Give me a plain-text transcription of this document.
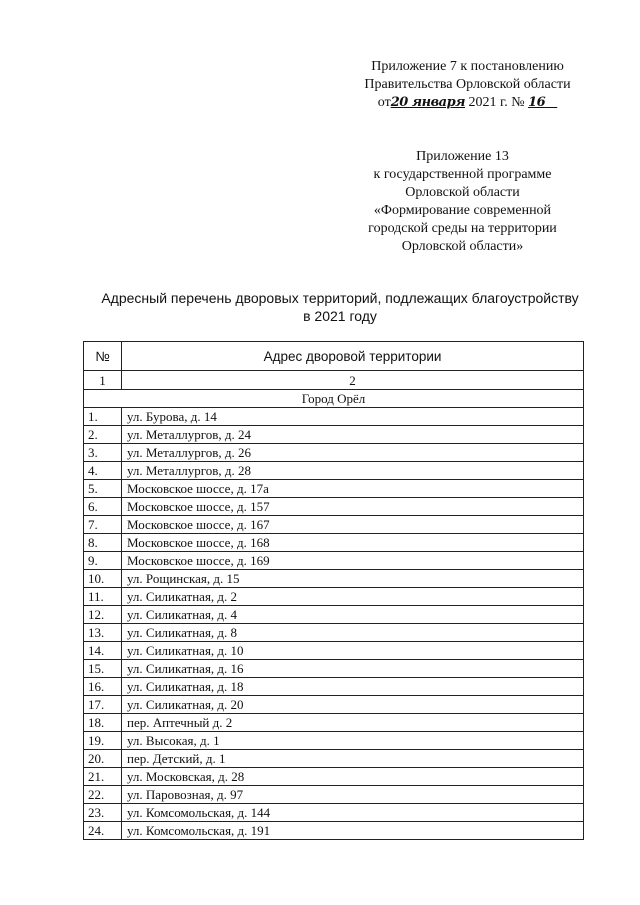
Приложение 7 к постановлению
Правительства Орловской области
от20 января 2021 г. № 16
Приложение 13
к государственной программе
Орловской области
«Формирование современной
городской среды на территории
Орловской области»
Адресный перечень дворовых территорий, подлежащих благоустройству
в 2021 году
№	Адрес дворовой территории
1	2
Город Орёл	
1.	ул. Бурова, д. 14
2.	ул. Металлургов, д. 24
3.	ул. Металлургов, д. 26
4.	ул. Металлургов, д. 28
5.	Московское шоссе, д. 17а
6.	Московское шоссе, д. 157
7.	Московское шоссе, д. 167
8.	Московское шоссе, д. 168
9.	Московское шоссе, д. 169
10.	ул. Рощинская, д. 15
11.	ул. Силикатная, д. 2
12.	ул. Силикатная, д. 4
13.	ул. Силикатная, д. 8
14.	ул. Силикатная, д. 10
15.	ул. Силикатная, д. 16
16.	ул. Силикатная, д. 18
17.	ул. Силикатная, д. 20
18.	пер. Аптечный д. 2
19.	ул. Высокая, д. 1
20.	пер. Детский, д. 1
21.	ул. Московская, д. 28
22.	ул. Паровозная, д. 97
23.	ул. Комсомольская, д. 144
24.	ул. Комсомольская, д. 191
